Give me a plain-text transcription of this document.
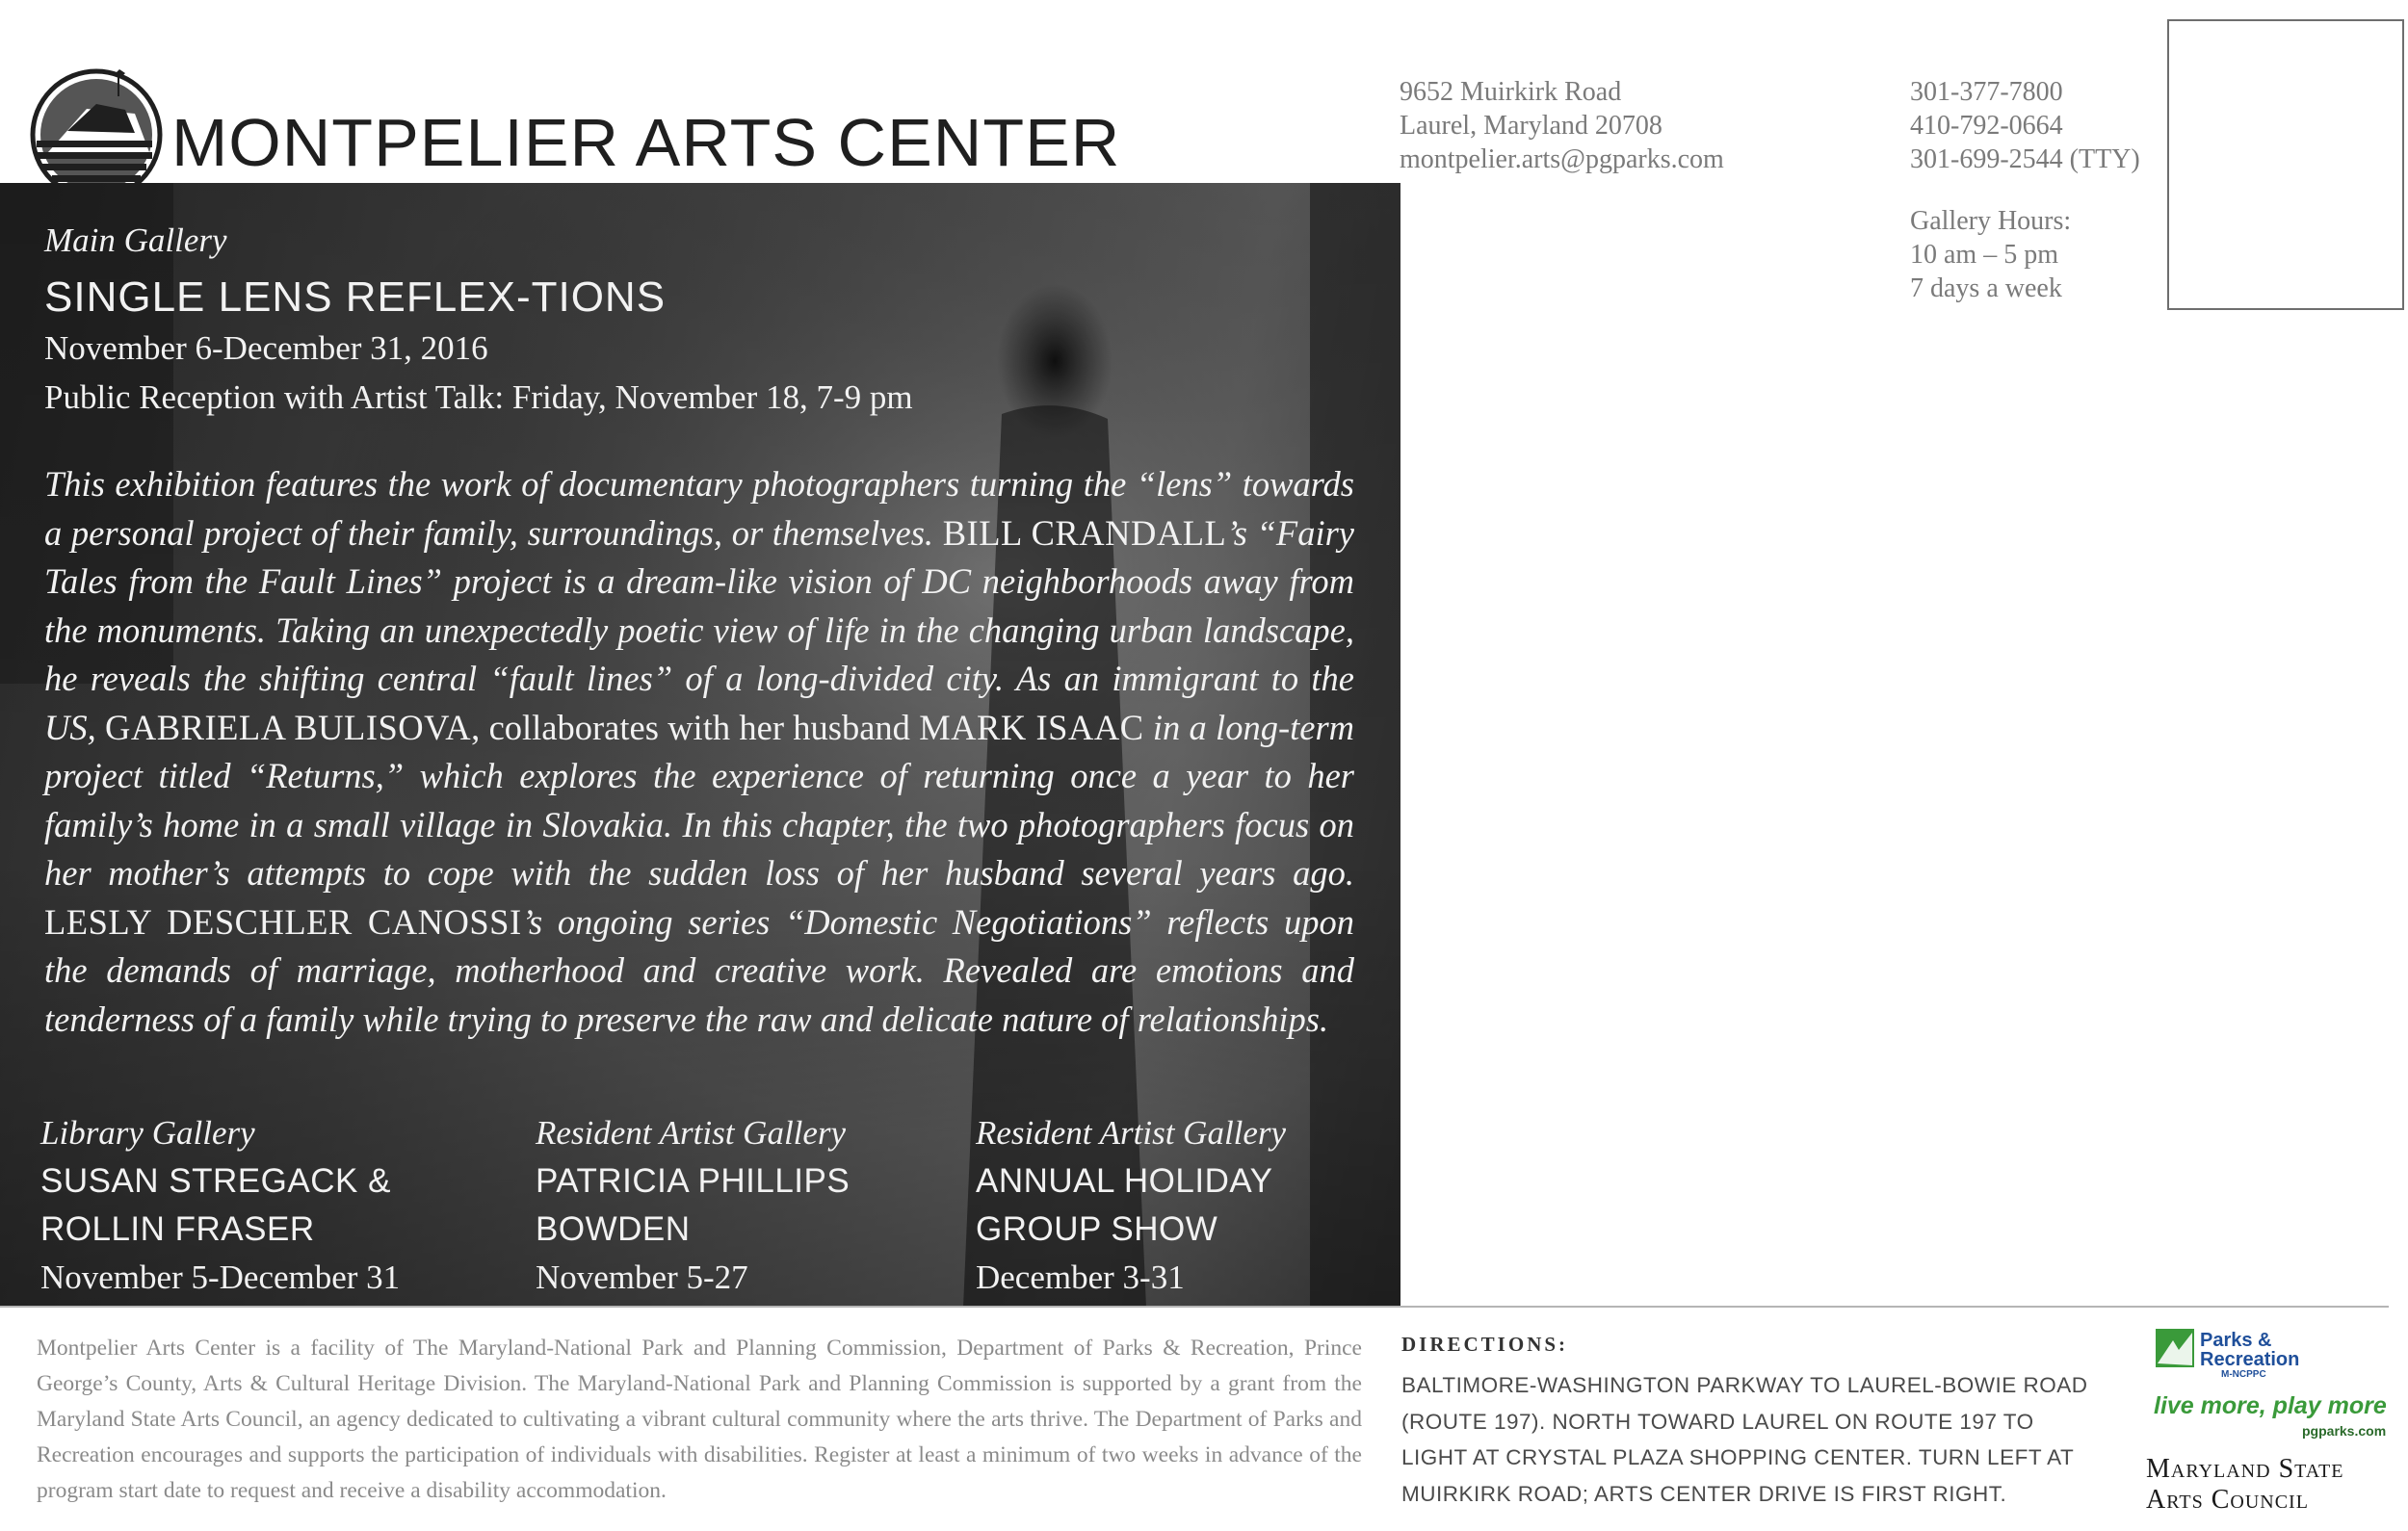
MONTPELIER ARTS CENTER
9652 Muirkirk Road
Laurel, Maryland 20708
montpelier.arts@pgparks.com
301-377-7800
410-792-0664
301-699-2544 (TTY)
Gallery Hours:
10 am – 5 pm
7 days a week
Main Gallery
SINGLE LENS REFLEX-TIONS
November 6-December 31, 2016
Public Reception with Artist Talk: Friday, November 18, 7-9 pm
This exhibition features the work of documentary photographers turning the “lens” towards a personal project of their family, surroundings, or themselves. BILL CRANDALL’s “Fairy Tales from the Fault Lines” project is a dream-like vision of DC neighborhoods away from the monuments. Taking an unexpectedly poetic view of life in the changing urban landscape, he reveals the shifting central “fault lines” of a long-divided city. As an immigrant to the US, GABRIELA BULISOVA, collaborates with her husband MARK ISAAC in a long-term project titled “Returns,” which explores the experience of returning once a year to her family’s home in a small village in Slovakia. In this chapter, the two photographers focus on her mother’s attempts to cope with the sudden loss of her husband several years ago. LESLY DESCHLER CANOSSI’s ongoing series “Domestic Negotiations” reflects upon the demands of marriage, motherhood and creative work. Revealed are emotions and tenderness of a family while trying to preserve the raw and delicate nature of relationships.
Library Gallery
SUSAN STREGACK &
ROLLIN FRASER
November 5-December 31
Resident Artist Gallery
PATRICIA PHILLIPS
BOWDEN
November 5-27
Resident Artist Gallery
ANNUAL HOLIDAY
GROUP SHOW
December 3-31
Montpelier Arts Center is a facility of The Maryland-National Park and Planning Commission, Department of Parks & Recreation, Prince George’s County, Arts & Cultural Heritage Division. The Maryland-National Park and Planning Commission is supported by a grant from the Maryland State Arts Council, an agency dedicated to cultivating a vibrant cultural community where the arts thrive. The Department of Parks and Recreation encourages and supports the participation of individuals with disabilities. Register at least a minimum of two weeks in advance of the program start date to request and receive a disability accommodation.
DIRECTIONS:
BALTIMORE-WASHINGTON PARKWAY TO LAUREL-BOWIE ROAD (ROUTE 197). NORTH TOWARD LAUREL ON ROUTE 197 TO LIGHT AT CRYSTAL PLAZA SHOPPING CENTER. TURN LEFT AT MUIRKIRK ROAD; ARTS CENTER DRIVE IS FIRST RIGHT.
Parks &
Recreation
M-NCPPC
live more, play more
pgparks.com
Maryland State
Arts Council
